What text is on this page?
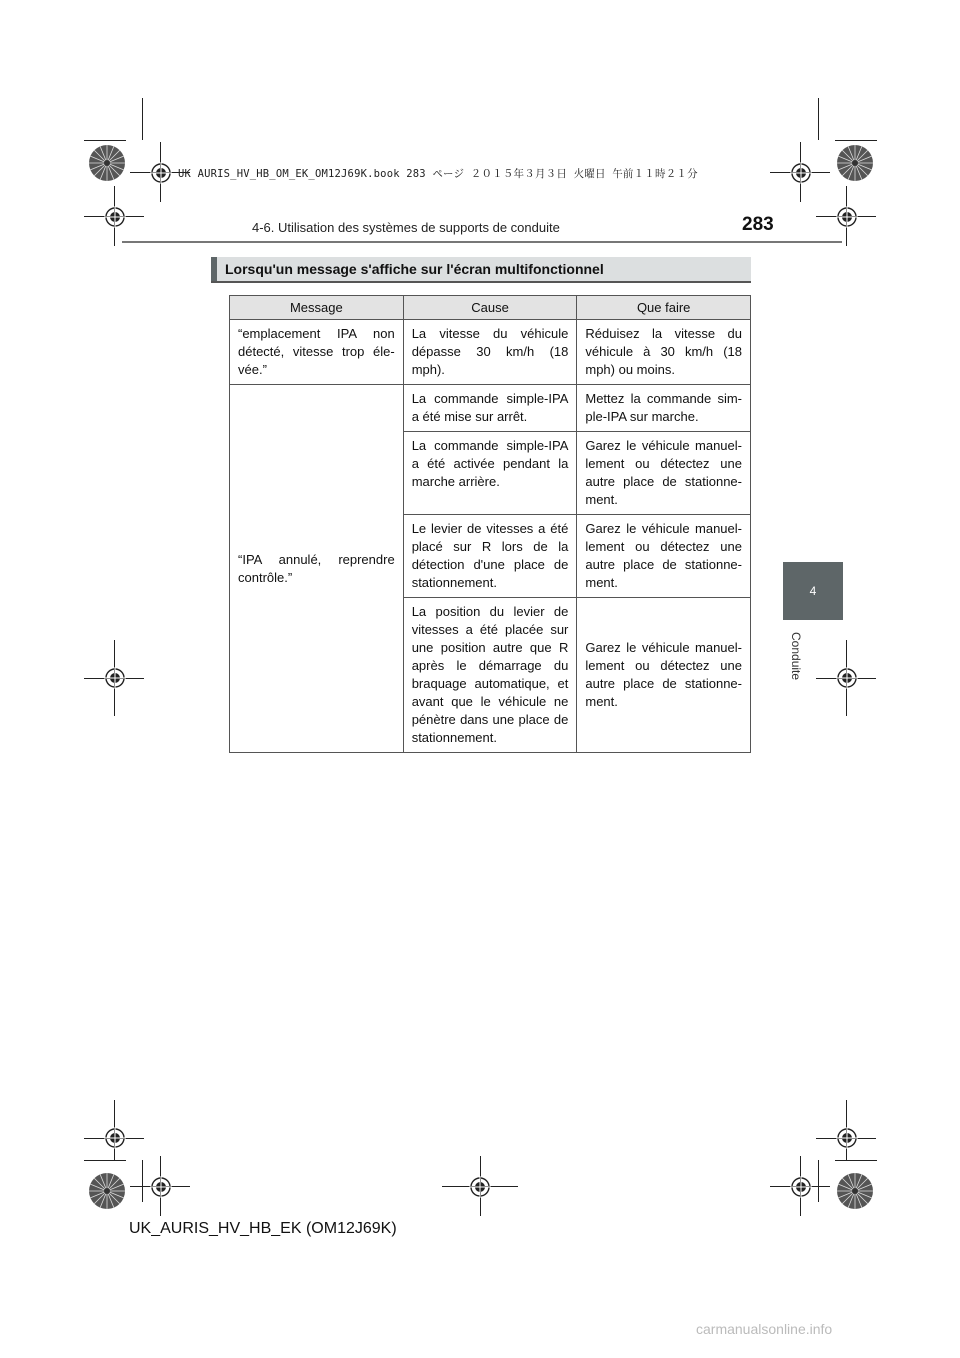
UK AURIS_HV_HB_OM_EK_OM12J69K.book 283 ページ ２０１５年３月３日 火曜日 午前１１時２１分
4-6. Utilisation des systèmes de supports de conduite	283
4
Conduite
Lorsqu'un message s'affiche sur l'écran multifonctionnel
Message	Cause	Que faire
“emplacement IPA non détecté, vitesse trop éle-vée.”	La vitesse du véhicule dépasse 30 km/h (18 mph).	Réduisez la vitesse du véhicule à 30 km/h (18 mph) ou moins.
“IPA annulé, reprendre contrôle.”	La commande simple-IPA a été mise sur arrêt.	Mettez la commande sim-ple-IPA sur marche.
	La commande simple-IPA a été activée pendant la marche arrière.	Garez le véhicule manuel-lement ou détectez une autre place de stationne-ment.
	Le levier de vitesses a été placé sur R lors de la détection d'une place de stationnement.	Garez le véhicule manuel-lement ou détectez une autre place de stationne-ment.
	La position du levier de vitesses a été placée sur une position autre que R après le démarrage du braquage automatique, et avant que le véhicule ne pénètre dans une place de stationnement.	Garez le véhicule manuel-lement ou détectez une autre place de stationne-ment.
UK_AURIS_HV_HB_EK (OM12J69K)
carmanualsonline.info
